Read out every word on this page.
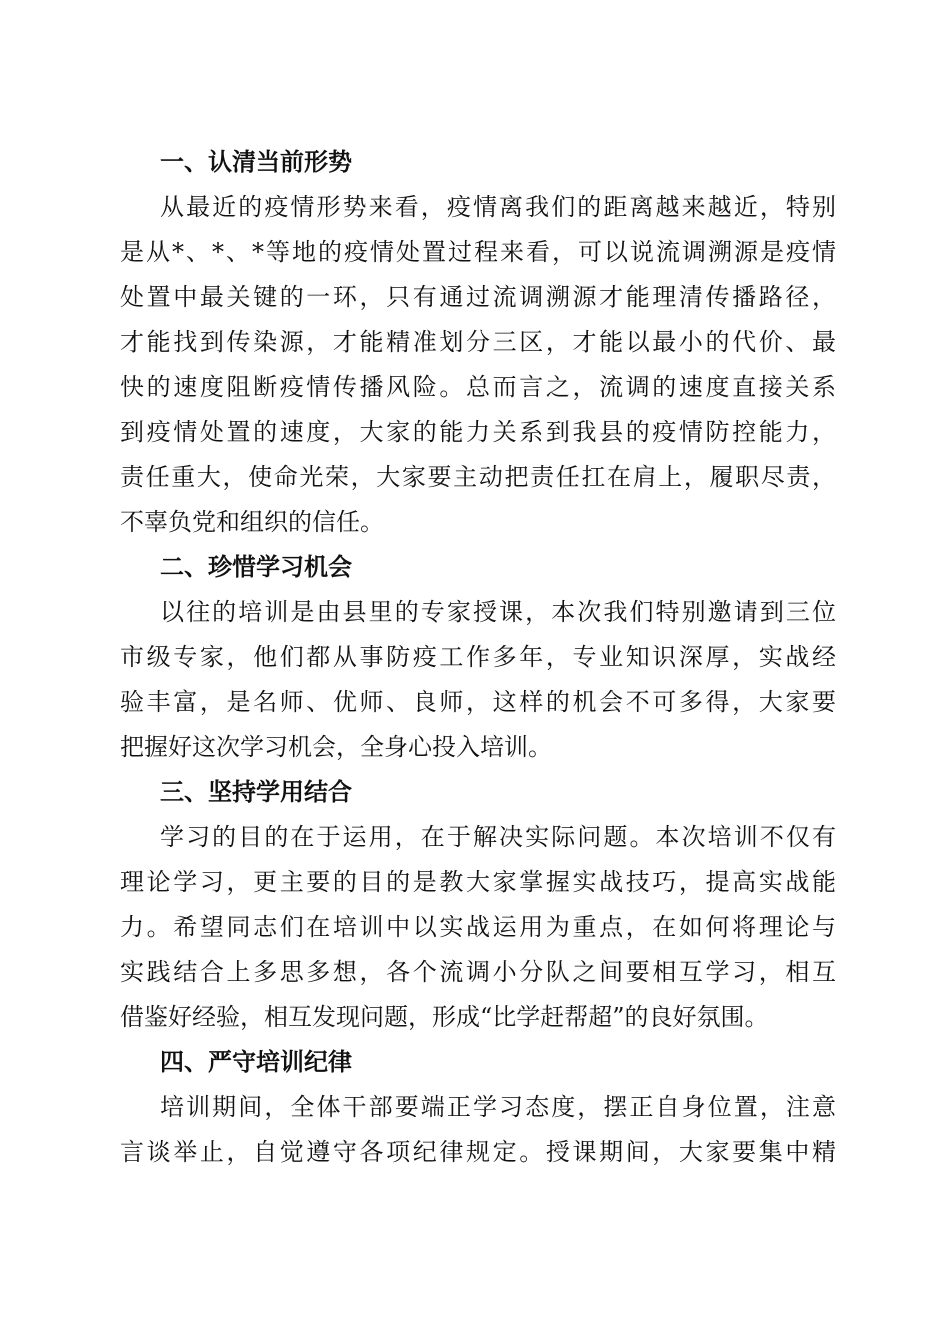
一、认清当前形势
从最近的疫情形势来看，疫情离我们的距离越来越近，特别
是从*、*、*等地的疫情处置过程来看，可以说流调溯源是疫情
处置中最关键的一环，只有通过流调溯源才能理清传播路径，
才能找到传染源，才能精准划分三区，才能以最小的代价、最
快的速度阻断疫情传播风险。总而言之，流调的速度直接关系
到疫情处置的速度，大家的能力关系到我县的疫情防控能力，
责任重大，使命光荣，大家要主动把责任扛在肩上，履职尽责，
不辜负党和组织的信任。
二、珍惜学习机会
以往的培训是由县里的专家授课，本次我们特别邀请到三位
市级专家，他们都从事防疫工作多年，专业知识深厚，实战经
验丰富，是名师、优师、良师，这样的机会不可多得，大家要
把握好这次学习机会，全身心投入培训。
三、坚持学用结合
学习的目的在于运用，在于解决实际问题。本次培训不仅有
理论学习，更主要的目的是教大家掌握实战技巧，提高实战能
力。希望同志们在培训中以实战运用为重点，在如何将理论与
实践结合上多思多想，各个流调小分队之间要相互学习，相互
借鉴好经验，相互发现问题，形成“比学赶帮超”的良好氛围。
四、严守培训纪律
培训期间，全体干部要端正学习态度，摆正自身位置，注意
言谈举止，自觉遵守各项纪律规定。授课期间，大家要集中精
